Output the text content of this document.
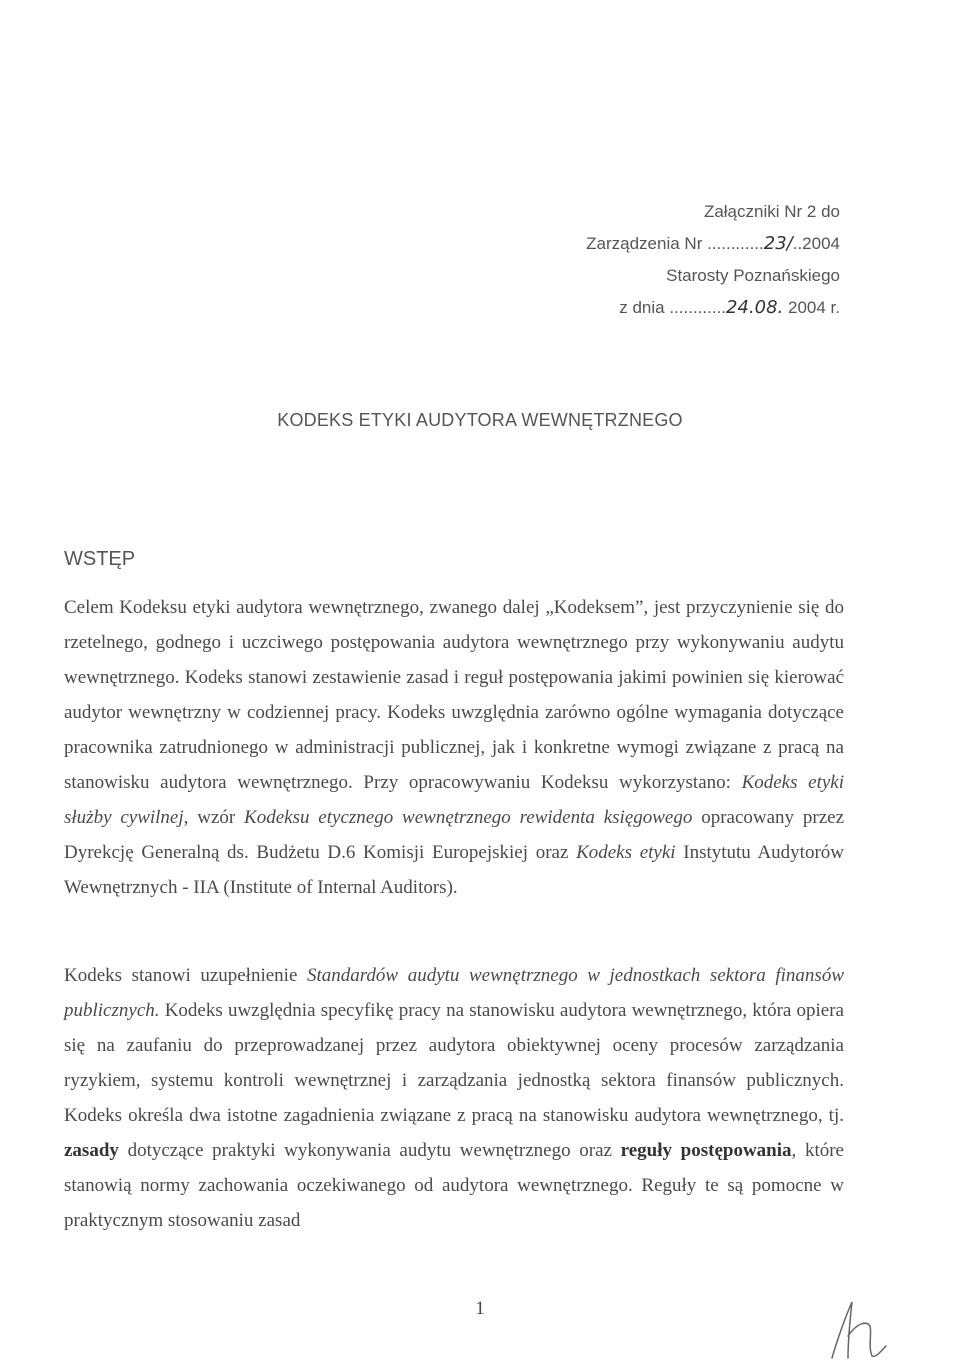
Załączniki Nr 2 do
Zarządzenia Nr ............23/..2004
Starosty Poznańskiego
z dnia ............24.08. 2004 r.
KODEKS ETYKI AUDYTORA WEWNĘTRZNEGO
WSTĘP

Celem Kodeksu etyki audytora wewnętrznego, zwanego dalej „Kodeksem”, jest przyczynienie się do rzetelnego, godnego i uczciwego postępowania audytora wewnętrznego przy wykonywaniu audytu wewnętrznego. Kodeks stanowi zestawienie zasad i reguł postępowania jakimi powinien się kierować audytor wewnętrzny w codziennej pracy. Kodeks uwzględnia zarówno ogólne wymagania dotyczące pracownika zatrudnionego w administracji publicznej, jak i konkretne wymogi związane z pracą na stanowisku audytora wewnętrznego. Przy opracowywaniu Kodeksu wykorzystano: Kodeks etyki służby cywilnej, wzór Kodeksu etycznego wewnętrznego rewidenta księgowego opracowany przez Dyrekcję Generalną ds. Budżetu D.6 Komisji Europejskiej oraz Kodeks etyki Instytutu Audytorów Wewnętrznych - IIA (Institute of Internal Auditors).

Kodeks stanowi uzupełnienie Standardów audytu wewnętrznego w jednostkach sektora finansów publicznych. Kodeks uwzględnia specyfikę pracy na stanowisku audytora wewnętrznego, która opiera się na zaufaniu do przeprowadzanej przez audytora obiektywnej oceny procesów zarządzania ryzykiem, systemu kontroli wewnętrznej i zarządzania jednostką sektora finansów publicznych. Kodeks określa dwa istotne zagadnienia związane z pracą na stanowisku audytora wewnętrznego, tj. zasady dotyczące praktyki wykonywania audytu wewnętrznego oraz reguły postępowania, które stanowią normy zachowania oczekiwanego od audytora wewnętrznego. Reguły te są pomocne w praktycznym stosowaniu zasad

1
